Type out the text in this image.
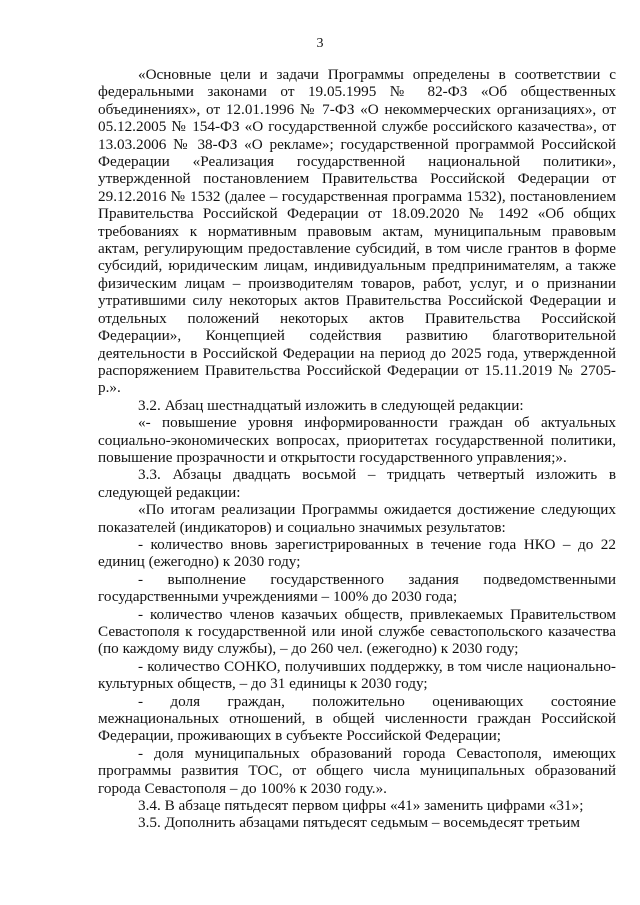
3

«Основные цели и задачи Программы определены в соответствии с федеральными законами от 19.05.1995 № 82-ФЗ «Об общественных объединениях», от 12.01.1996 № 7-ФЗ «О некоммерческих организациях», от 05.12.2005 № 154-ФЗ «О государственной службе российского казачества», от 13.03.2006 № 38-ФЗ «О рекламе»; государственной программой Российской Федерации «Реализация государственной национальной политики», утвержденной постановлением Правительства Российской Федерации от 29.12.2016 № 1532 (далее – государственная программа 1532), постановлением Правительства Российской Федерации от 18.09.2020 № 1492 «Об общих требованиях к нормативным правовым актам, муниципальным правовым актам, регулирующим предоставление субсидий, в том числе грантов в форме субсидий, юридическим лицам, индивидуальным предпринимателям, а также физическим лицам – производителям товаров, работ, услуг, и о признании утратившими силу некоторых актов Правительства Российской Федерации и отдельных положений некоторых актов Правительства Российской Федерации», Концепцией содействия развитию благотворительной деятельности в Российской Федерации на период до 2025 года, утвержденной распоряжением Правительства Российской Федерации от 15.11.2019 № 2705-р.».

3.2. Абзац шестнадцатый изложить в следующей редакции:

«- повышение уровня информированности граждан об актуальных социально-экономических вопросах, приоритетах государственной политики, повышение прозрачности и открытости государственного управления;».

3.3. Абзацы двадцать восьмой – тридцать четвертый изложить в следующей редакции:

«По итогам реализации Программы ожидается достижение следующих показателей (индикаторов) и социально значимых результатов:

- количество вновь зарегистрированных в течение года НКО – до 22 единиц (ежегодно) к 2030 году;

- выполнение государственного задания подведомственными государственными учреждениями – 100% до 2030 года;

- количество членов казачьих обществ, привлекаемых Правительством Севастополя к государственной или иной службе севастопольского казачества (по каждому виду службы), – до 260 чел. (ежегодно) к 2030 году;

- количество СОНКО, получивших поддержку, в том числе национально-культурных обществ, – до 31 единицы к 2030 году;

- доля граждан, положительно оценивающих состояние межнациональных отношений, в общей численности граждан Российской Федерации, проживающих в субъекте Российской Федерации;

- доля муниципальных образований города Севастополя, имеющих программы развития ТОС, от общего числа муниципальных образований города Севастополя – до 100% к 2030 году.».

3.4. В абзаце пятьдесят первом цифры «41» заменить цифрами «31»;

3.5. Дополнить абзацами пятьдесят седьмым – восемьдесят третьим
